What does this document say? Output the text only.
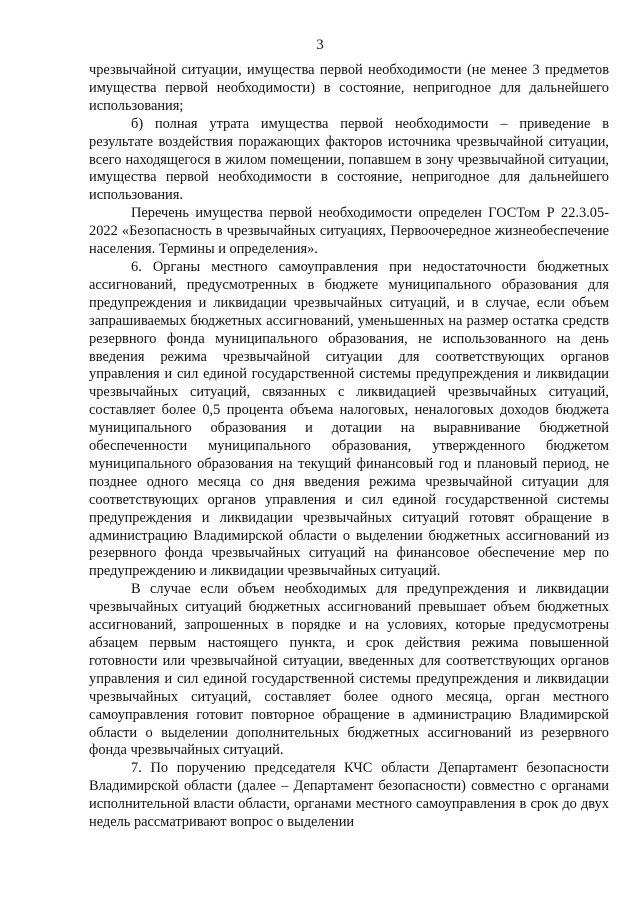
3

чрезвычайной ситуации, имущества первой необходимости (не менее 3 предметов имущества первой необходимости) в состояние, непригодное для дальнейшего использования;

б) полная утрата имущества первой необходимости – приведение в результате воздействия поражающих факторов источника чрезвычайной ситуации, всего находящегося в жилом помещении, попавшем в зону чрезвычайной ситуации, имущества первой необходимости в состояние, непригодное для дальнейшего использования.

Перечень имущества первой необходимости определен ГОСТом Р 22.3.05-2022 «Безопасность в чрезвычайных ситуациях, Первоочередное жизнеобеспечение населения. Термины и определения».

6. Органы местного самоуправления при недостаточности бюджетных ассигнований, предусмотренных в бюджете муниципального образования для предупреждения и ликвидации чрезвычайных ситуаций, и в случае, если объем запрашиваемых бюджетных ассигнований, уменьшенных на размер остатка средств резервного фонда муниципального образования, не использованного на день введения режима чрезвычайной ситуации для соответствующих органов управления и сил единой государственной системы предупреждения и ликвидации чрезвычайных ситуаций, связанных с ликвидацией чрезвычайных ситуаций, составляет более 0,5 процента объема налоговых, неналоговых доходов бюджета муниципального образования и дотации на выравнивание бюджетной обеспеченности муниципального образования, утвержденного бюджетом муниципального образования на текущий финансовый год и плановый период, не позднее одного месяца со дня введения режима чрезвычайной ситуации для соответствующих органов управления и сил единой государственной системы предупреждения и ликвидации чрезвычайных ситуаций готовят обращение в администрацию Владимирской области о выделении бюджетных ассигнований из резервного фонда чрезвычайных ситуаций на финансовое обеспечение мер по предупреждению и ликвидации чрезвычайных ситуаций.

В случае если объем необходимых для предупреждения и ликвидации чрезвычайных ситуаций бюджетных ассигнований превышает объем бюджетных ассигнований, запрошенных в порядке и на условиях, которые предусмотрены абзацем первым настоящего пункта, и срок действия режима повышенной готовности или чрезвычайной ситуации, введенных для соответствующих органов управления и сил единой государственной системы предупреждения и ликвидации чрезвычайных ситуаций, составляет более одного месяца, орган местного самоуправления готовит повторное обращение в администрацию Владимирской области о выделении дополнительных бюджетных ассигнований из резервного фонда чрезвычайных ситуаций.

7. По поручению председателя КЧС области Департамент безопасности Владимирской области (далее – Департамент безопасности) совместно с органами исполнительной власти области, органами местного самоуправления в срок до двух недель рассматривают вопрос о выделении
